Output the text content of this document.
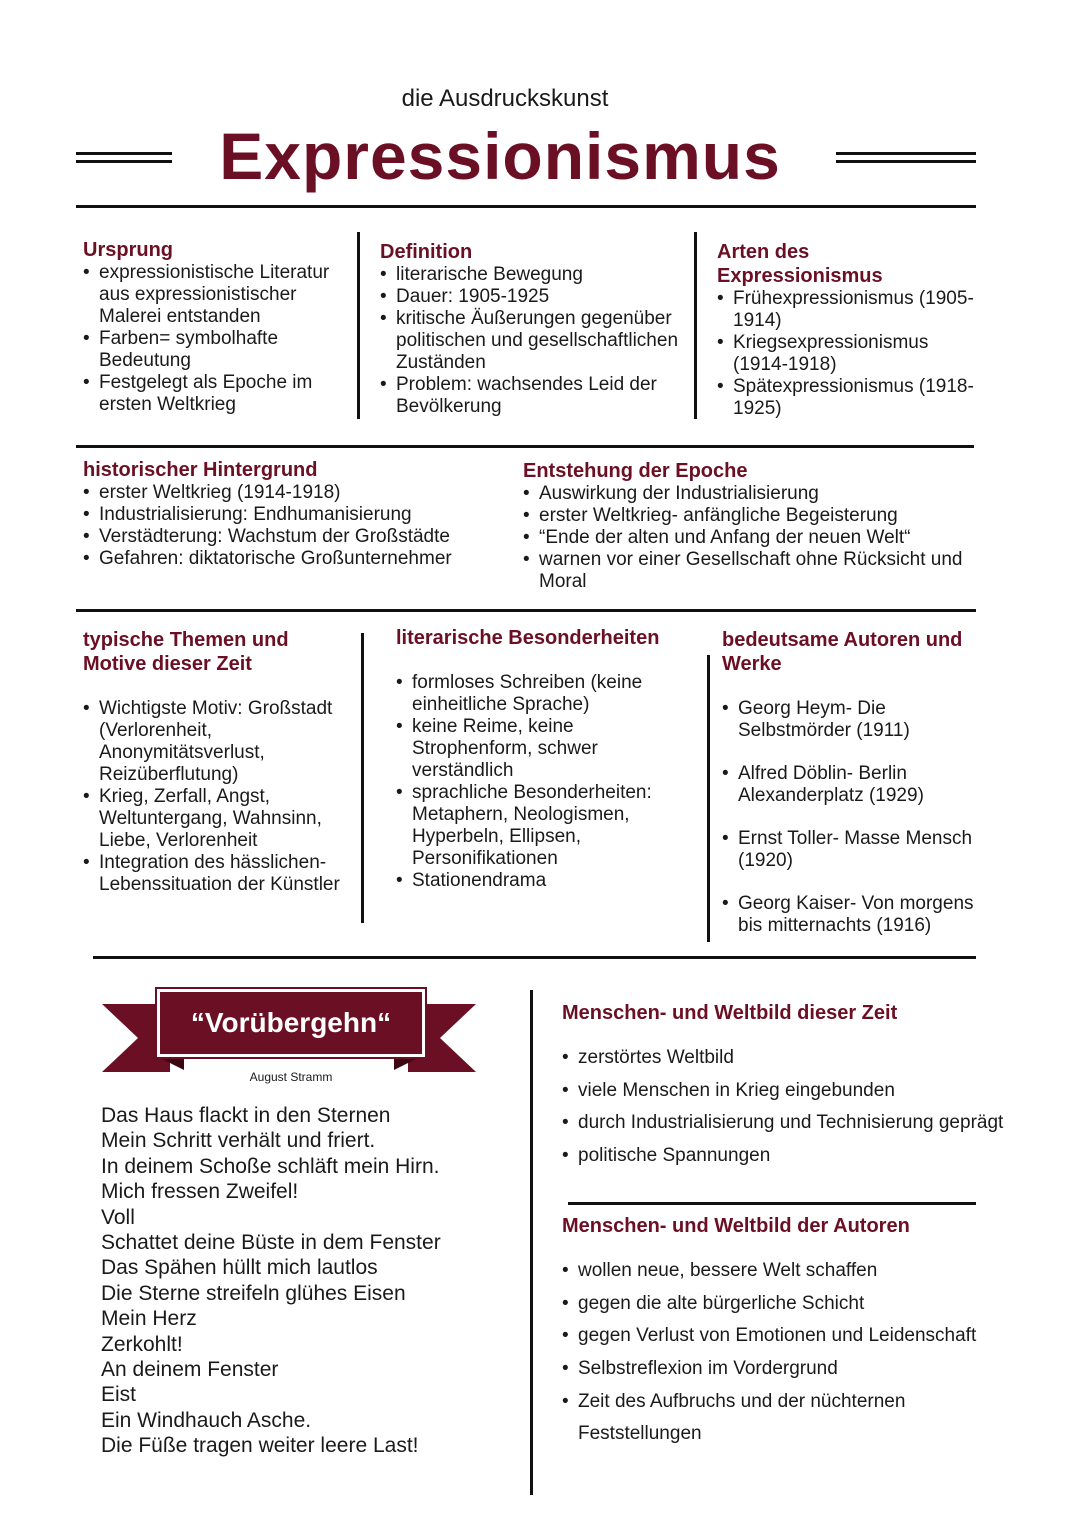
die Ausdruckskunst
Expressionismus
Ursprung
• expressionistische Literatur aus expressionistischer Malerei entstanden
• Farben= symbolhafte Bedeutung
• Festgelegt als Epoche im ersten Weltkrieg
Definition
• literarische Bewegung
• Dauer: 1905-1925
• kritische Äußerungen gegenüber politischen und gesellschaftlichen Zuständen
• Problem: wachsendes Leid der Bevölkerung
Arten des Expressionismus
• Frühexpressionismus (1905-1914)
• Kriegsexpressionismus (1914-1918)
• Spätexpressionismus (1918-1925)
historischer Hintergrund
• erster Weltkrieg (1914-1918)
• Industrialisierung: Endhumanisierung
• Verstädterung: Wachstum der Großstädte
• Gefahren: diktatorische Großunternehmer
Entstehung der Epoche
• Auswirkung der Industrialisierung
• erster Weltkrieg- anfängliche Begeisterung
• “Ende der alten und Anfang der neuen Welt“
• warnen vor einer Gesellschaft ohne Rücksicht und Moral
typische Themen und Motive dieser Zeit
• Wichtigste Motiv: Großstadt (Verlorenheit, Anonymitätsverlust, Reizüberflutung)
• Krieg, Zerfall, Angst, Weltuntergang, Wahnsinn, Liebe, Verlorenheit
• Integration des hässlichen- Lebenssituation der Künstler
literarische Besonderheiten
• formloses Schreiben (keine einheitliche Sprache)
• keine Reime, keine Strophenform, schwer verständlich
• sprachliche Besonderheiten: Metaphern, Neologismen, Hyperbeln, Ellipsen, Personifikationen
• Stationendrama
bedeutsame Autoren und Werke
• Georg Heym- Die Selbstmörder (1911)
• Alfred Döblin- Berlin Alexanderplatz (1929)
• Ernst Toller- Masse Mensch (1920)
• Georg Kaiser- Von morgens bis mitternachts (1916)
“Vorübergehn“
August Stramm
Das Haus flackt in den Sternen
Mein Schritt verhält und friert.
In deinem Schoße schläft mein Hirn.
Mich fressen Zweifel!
Voll
Schattet deine Büste in dem Fenster
Das Spähen hüllt mich lautlos
Die Sterne streifeln glühes Eisen
Mein Herz
Zerkohlt!
An deinem Fenster
Eist
Ein Windhauch Asche.
Die Füße tragen weiter leere Last!
Menschen- und Weltbild dieser Zeit
• zerstörtes Weltbild
• viele Menschen in Krieg eingebunden
• durch Industrialisierung und Technisierung geprägt
• politische Spannungen
Menschen- und Weltbild der Autoren
• wollen neue, bessere Welt schaffen
• gegen die alte bürgerliche Schicht
• gegen Verlust von Emotionen und Leidenschaft
• Selbstreflexion im Vordergrund
• Zeit des Aufbruchs und der nüchternen Feststellungen
